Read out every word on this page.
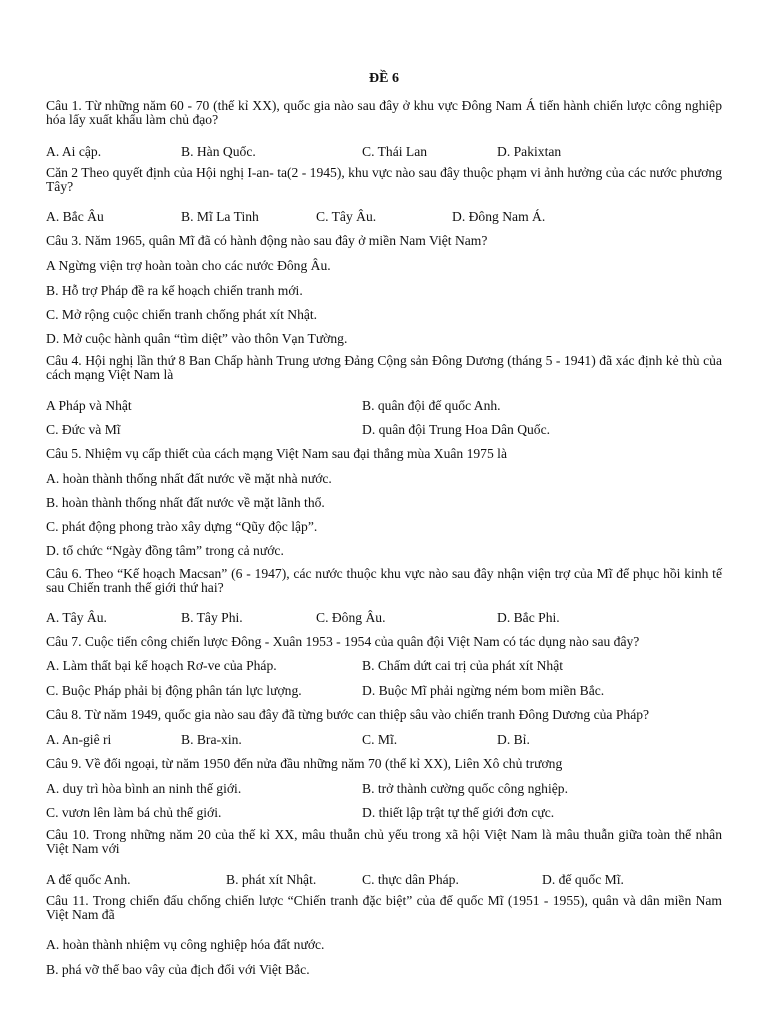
ĐỀ 6
Câu 1. Từ những năm 60 - 70 (thế kỉ XX), quốc gia nào sau đây ở khu vực Đông Nam Á tiến hành chiến lược công nghiệp hóa lấy xuất khẩu làm chủ đạo?
A. Ai cập.	B. Hàn Quốc.	C. Thái Lan	D. Pakixtan
Căn 2 Theo quyết định của Hội nghị I-an- ta(2 - 1945), khu vực nào sau đây thuộc phạm vi ảnh hưởng của các nước phương Tây?
A. Bắc Âu	B. Mĩ La Tinh	C. Tây Âu.	D. Đông Nam Á.
Câu 3. Năm 1965, quân Mĩ đã có hành động nào sau đây ở miền Nam Việt Nam?
A Ngừng viện trợ hoàn toàn cho các nước Đông Âu.
B. Hỗ trợ Pháp đề ra kế hoạch chiến tranh mới.
C. Mở rộng cuộc chiến tranh chống phát xít Nhật.
D. Mở cuộc hành quân “tìm diệt” vào thôn Vạn Tường.
Câu 4. Hội nghị lần thứ 8 Ban Chấp hành Trung ương Đảng Cộng sản Đông Dương (tháng 5 - 1941) đã xác định kẻ thù của cách mạng Việt Nam là
A Pháp và Nhật	B. quân đội đế quốc Anh.
C. Đức và Mĩ	D. quân đội Trung Hoa Dân Quốc.
Câu 5. Nhiệm vụ cấp thiết của cách mạng Việt Nam sau đại thắng mùa Xuân 1975 là
A. hoàn thành thống nhất đất nước về mặt nhà nước.
B. hoàn thành thống nhất đất nước về mặt lãnh thổ.
C. phát động phong trào xây dựng “Qũy độc lập”.
D. tổ chức “Ngày đồng tâm” trong cả nước.
Câu 6. Theo “Kế hoạch Macsan” (6 - 1947), các nước thuộc khu vực nào sau đây nhận viện trợ của Mĩ để phục hồi kinh tế sau Chiến tranh thế giới thứ hai?
A. Tây Âu.	B. Tây Phi.	C. Đông Âu.	D. Bắc Phi.
Câu 7. Cuộc tiến công chiến lược Đông - Xuân 1953 - 1954 của quân đội Việt Nam có tác dụng nào sau đây?
A. Làm thất bại kế hoạch Rơ-ve của Pháp.	B. Chấm dứt cai trị của phát xít Nhật
C. Buộc Pháp phải bị động phân tán lực lượng.	D. Buộc Mĩ phải ngừng ném bom miền Bắc.
Câu 8. Từ năm 1949, quốc gia nào sau đây đã từng bước can thiệp sâu vào chiến tranh Đông Dương của Pháp?
A. An-giê ri	B. Bra-xin.	C. Mĩ.	D. Bỉ.
Câu 9. Về đối ngoại, từ năm 1950 đến nửa đầu những năm 70 (thế kỉ XX), Liên Xô chủ trương
A. duy trì hòa bình an ninh thế giới.	B. trở thành cường quốc công nghiệp.
C. vươn lên làm bá chủ thế giới.	D. thiết lập trật tự thế giới đơn cực.
Câu 10. Trong những năm 20 của thế kỉ XX, mâu thuẫn chủ yếu trong xã hội Việt Nam là mâu thuẫn giữa toàn thể nhân Việt Nam với
A đế quốc Anh.	B. phát xít Nhật.	C. thực dân Pháp.	D. đế quốc Mĩ.
Câu 11. Trong chiến đấu chống chiến lược “Chiến tranh đặc biệt” của đế quốc Mĩ (1951 - 1955), quân và dân miền Nam Việt Nam đã
A. hoàn thành nhiệm vụ công nghiệp hóa đất nước.
B. phá vỡ thế bao vây của địch đối với Việt Bắc.
